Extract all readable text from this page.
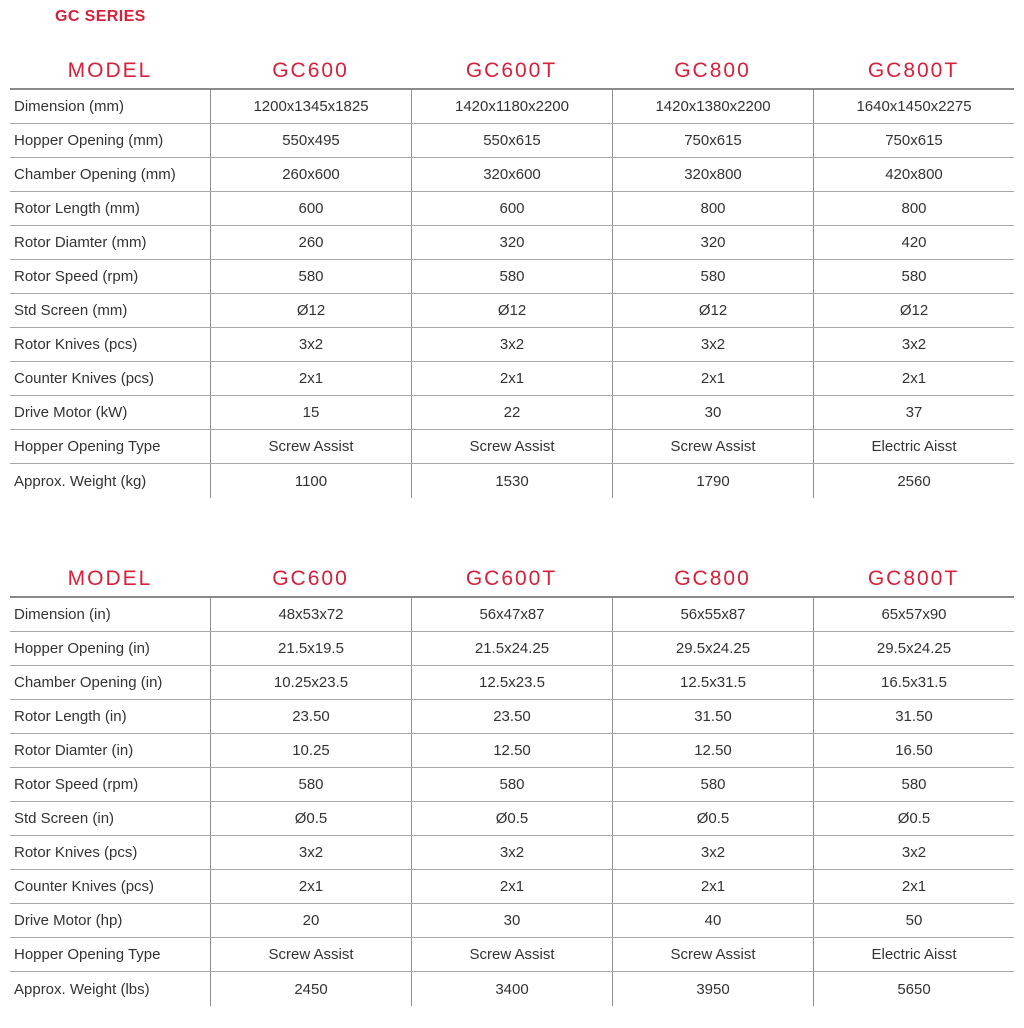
GC SERIES
MODEL	GC600	GC600T	GC800	GC800T
Dimension (mm)	1200x1345x1825	1420x1180x2200	1420x1380x2200	1640x1450x2275
Hopper Opening (mm)	550x495	550x615	750x615	750x615
Chamber Opening (mm)	260x600	320x600	320x800	420x800
Rotor Length (mm)	600	600	800	800
Rotor Diamter (mm)	260	320	320	420
Rotor Speed (rpm)	580	580	580	580
Std Screen (mm)	Ø12	Ø12	Ø12	Ø12
Rotor Knives (pcs)	3x2	3x2	3x2	3x2
Counter Knives (pcs)	2x1	2x1	2x1	2x1
Drive Motor (kW)	15	22	30	37
Hopper Opening Type	Screw Assist	Screw Assist	Screw Assist	Electric Aisst
Approx. Weight (kg)	1100	1530	1790	2560
MODEL	GC600	GC600T	GC800	GC800T
Dimension (in)	48x53x72	56x47x87	56x55x87	65x57x90
Hopper Opening (in)	21.5x19.5	21.5x24.25	29.5x24.25	29.5x24.25
Chamber Opening (in)	10.25x23.5	12.5x23.5	12.5x31.5	16.5x31.5
Rotor Length (in)	23.50	23.50	31.50	31.50
Rotor Diamter (in)	10.25	12.50	12.50	16.50
Rotor Speed (rpm)	580	580	580	580
Std Screen (in)	Ø0.5	Ø0.5	Ø0.5	Ø0.5
Rotor Knives (pcs)	3x2	3x2	3x2	3x2
Counter Knives (pcs)	2x1	2x1	2x1	2x1
Drive Motor (hp)	20	30	40	50
Hopper Opening Type	Screw Assist	Screw Assist	Screw Assist	Electric Aisst
Approx. Weight (lbs)	2450	3400	3950	5650
